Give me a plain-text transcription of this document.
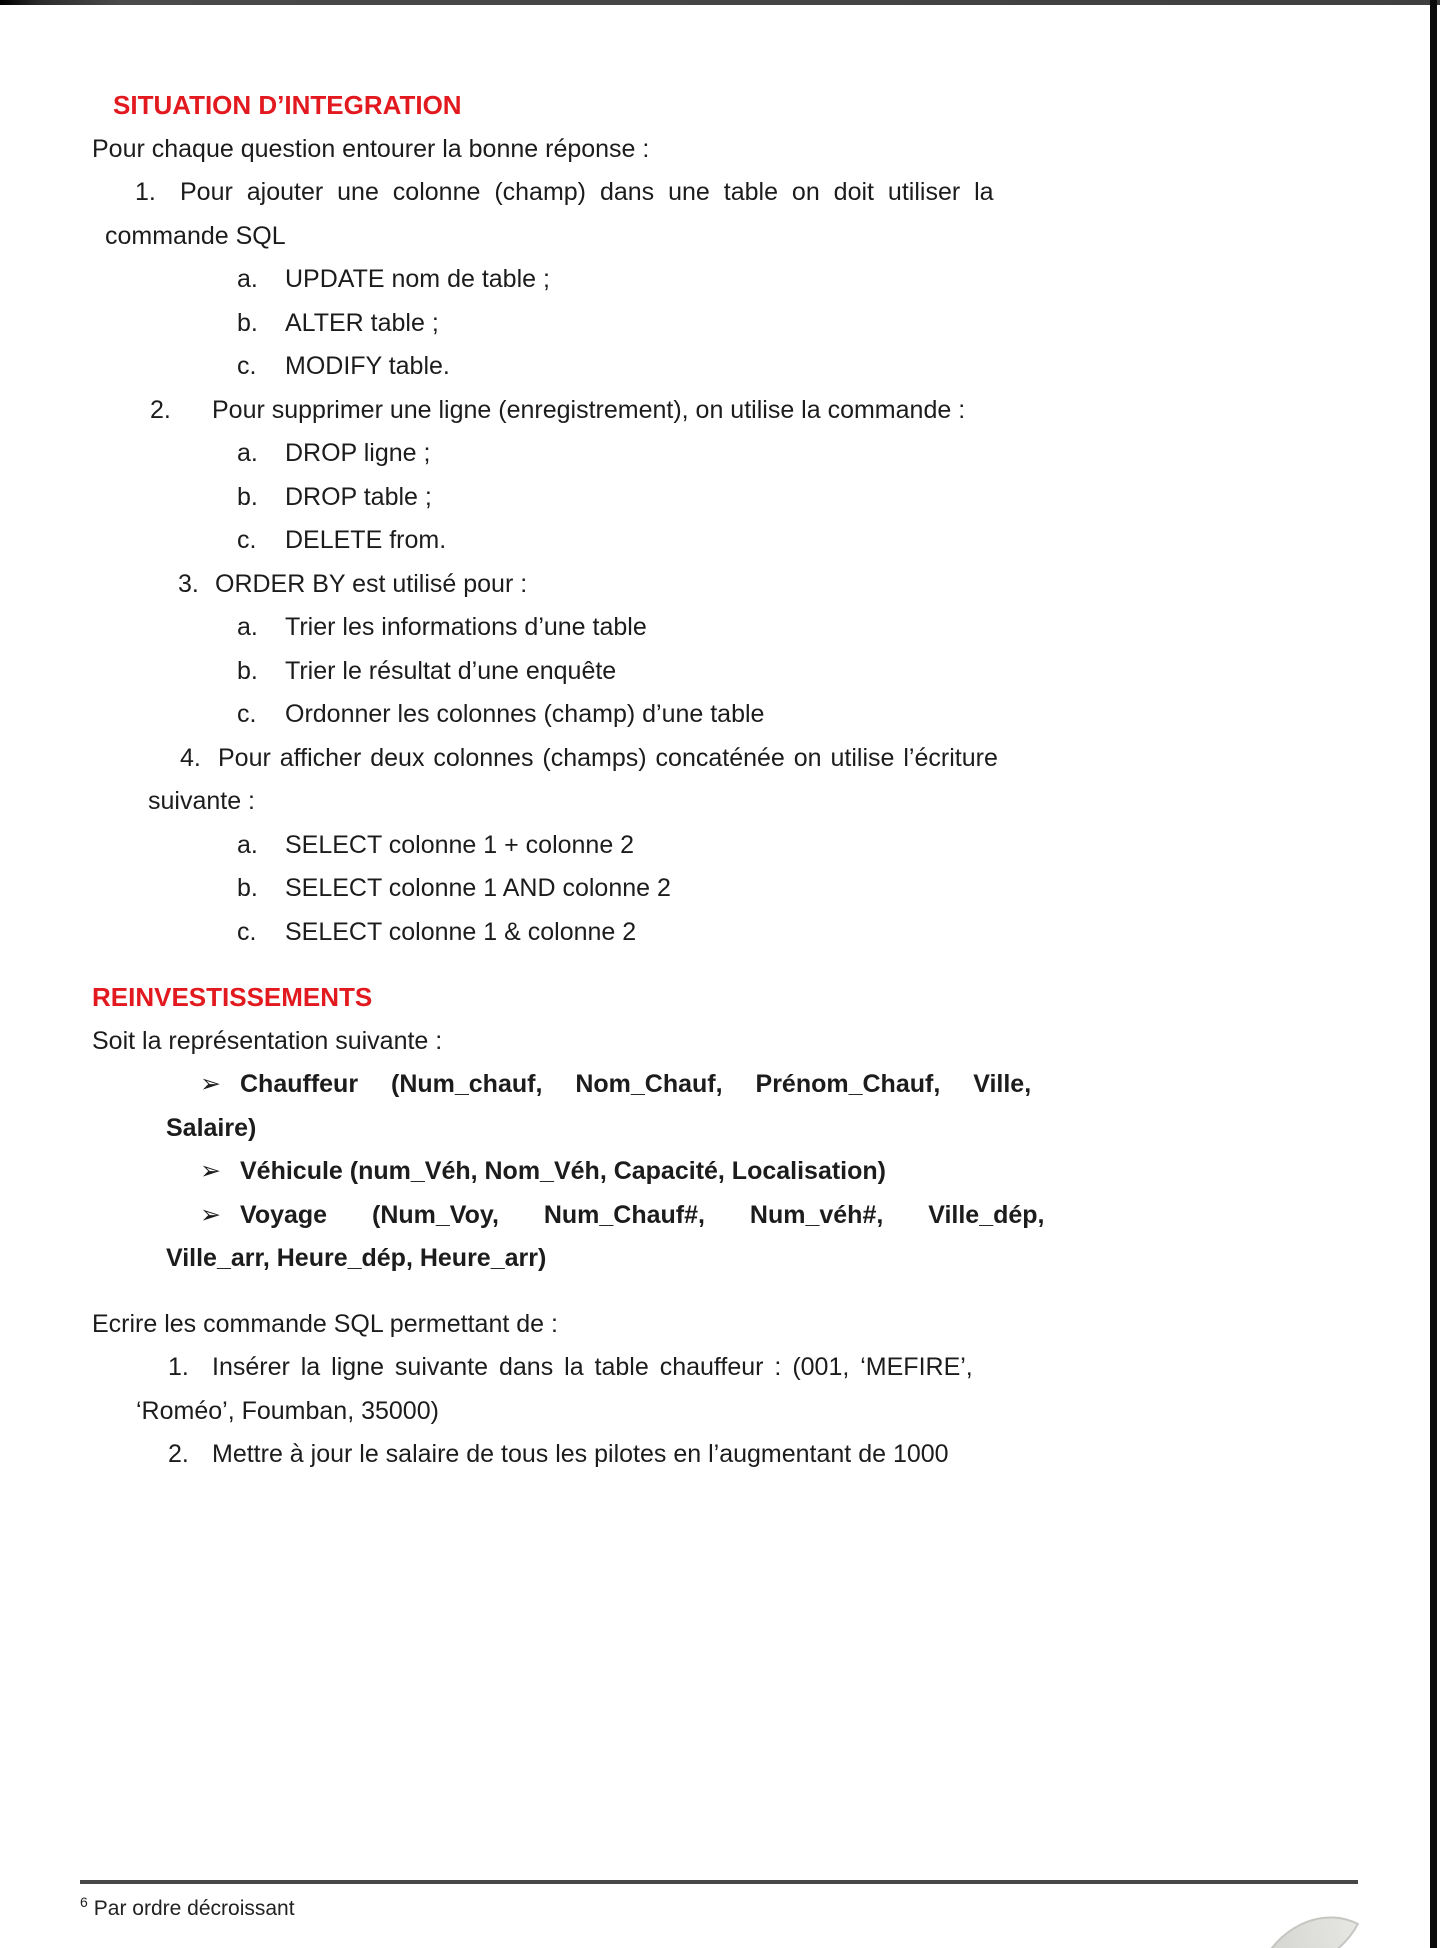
SITUATION D’INTEGRATION
Pour chaque question entourer la bonne réponse :
1. Pour ajouter une colonne (champ) dans une table on doit utiliser la
commande SQL
a. UPDATE nom de table ;
b. ALTER table ;
c. MODIFY table.
2. Pour supprimer une ligne (enregistrement), on utilise la commande :
a. DROP ligne ;
b. DROP table ;
c. DELETE from.
3. ORDER BY est utilisé pour :
a. Trier les informations d’une table
b. Trier le résultat d’une enquête
c. Ordonner les colonnes (champ) d’une table
4. Pour afficher deux colonnes (champs) concaténée on utilise l’écriture
suivante :
a. SELECT colonne 1 + colonne 2
b. SELECT colonne 1 AND colonne 2
c. SELECT colonne 1 & colonne 2
REINVESTISSEMENTS
Soit la représentation suivante :
➢ Chauffeur (Num_chauf, Nom_Chauf, Prénom_Chauf, Ville,
Salaire)
➢ Véhicule (num_Véh, Nom_Véh, Capacité, Localisation)
➢ Voyage (Num_Voy, Num_Chauf#, Num_véh#, Ville_dép,
Ville_arr, Heure_dép, Heure_arr)
Ecrire les commande SQL permettant de :
1. Insérer la ligne suivante dans la table chauffeur : (001, ‘MEFIRE’,
‘Roméo’, Foumban, 35000)
2. Mettre à jour le salaire de tous les pilotes en l’augmentant de 1000
$^6$ Par ordre décroissant
